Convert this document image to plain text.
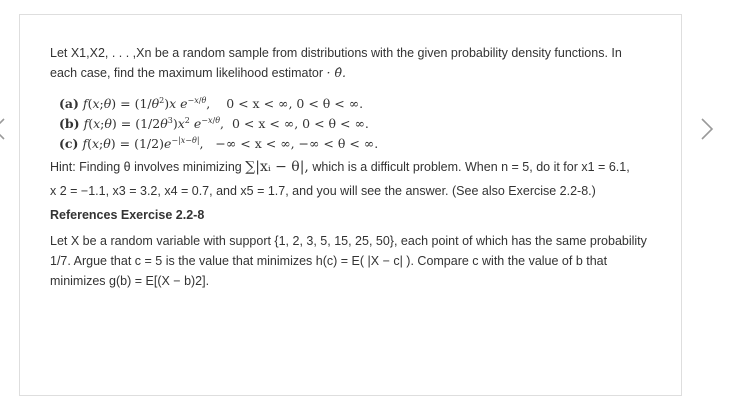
Let X1,X2, . . . ,Xn be a random sample from distributions with the given probability density functions. In each case, find the maximum likelihood estimator · θ̂.

(a) f(x;θ) = $(1/\theta^2)x$ $e^{-x/\theta}$, 0 < x < ∞, 0 < θ < ∞.
(b) f(x;θ) = $(1/2\theta^3)x^2$ $e^{-x/\theta}$, 0 < x < ∞, 0 < θ < ∞.
(c) f(x;θ) = $(1/2)e^{-|x-\theta|}$, −∞ < x < ∞, −∞ < θ < ∞.

Hint: Finding θ involves minimizing ∑|xᵢ − θ|, which is a difficult problem. When n = 5, do it for x1 = 6.1,

x 2 = −1.1, x3 = 3.2, x4 = 0.7, and x5 = 1.7, and you will see the answer. (See also Exercise 2.2-8.)

References Exercise 2.2-8

Let X be a random variable with support {1, 2, 3, 5, 15, 25, 50}, each point of which has the same probability 1/7. Argue that c = 5 is the value that minimizes h(c) = E( |X − c| ). Compare c with the value of b that minimizes g(b) = E[(X − b)2].
